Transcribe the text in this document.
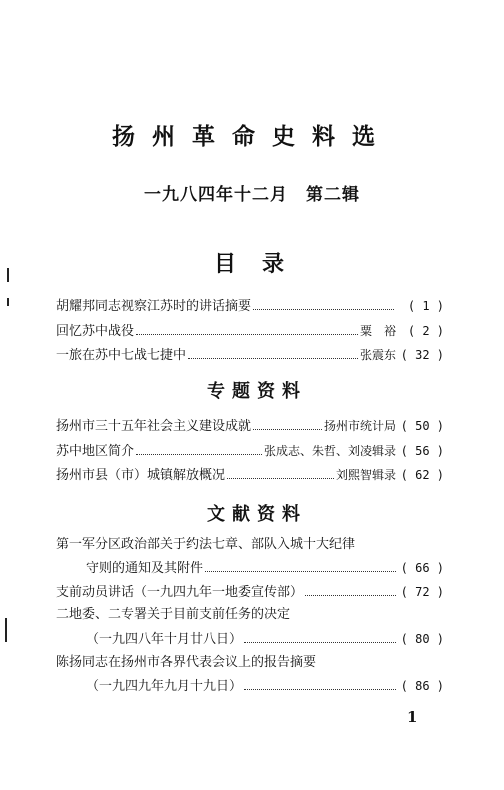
扬州革命史料选
一九八四年十二月　第二辑
目录
胡耀邦同志视察江苏时的讲话摘要	( 1 )
回忆苏中战役	粟　裕 ( 2 )
一旅在苏中七战七捷中	张震东 ( 32 )
专题资料
扬州市三十五年社会主义建设成就	扬州市统计局 ( 50 )
苏中地区简介	张成志、朱哲、刘凌辑录 ( 56 )
扬州市县（市）城镇解放概况	刘熙智辑录 ( 62 )
文献资料
第一军分区政治部关于约法七章、部队入城十大纪律
守则的通知及其附件	( 66 )
支前动员讲话（一九四九年一地委宣传部）	( 72 )
二地委、二专署关于目前支前任务的决定
（一九四八年十月廿八日）	( 80 )
陈扬同志在扬州市各界代表会议上的报告摘要
（一九四九年九月十九日）	( 86 )
1
